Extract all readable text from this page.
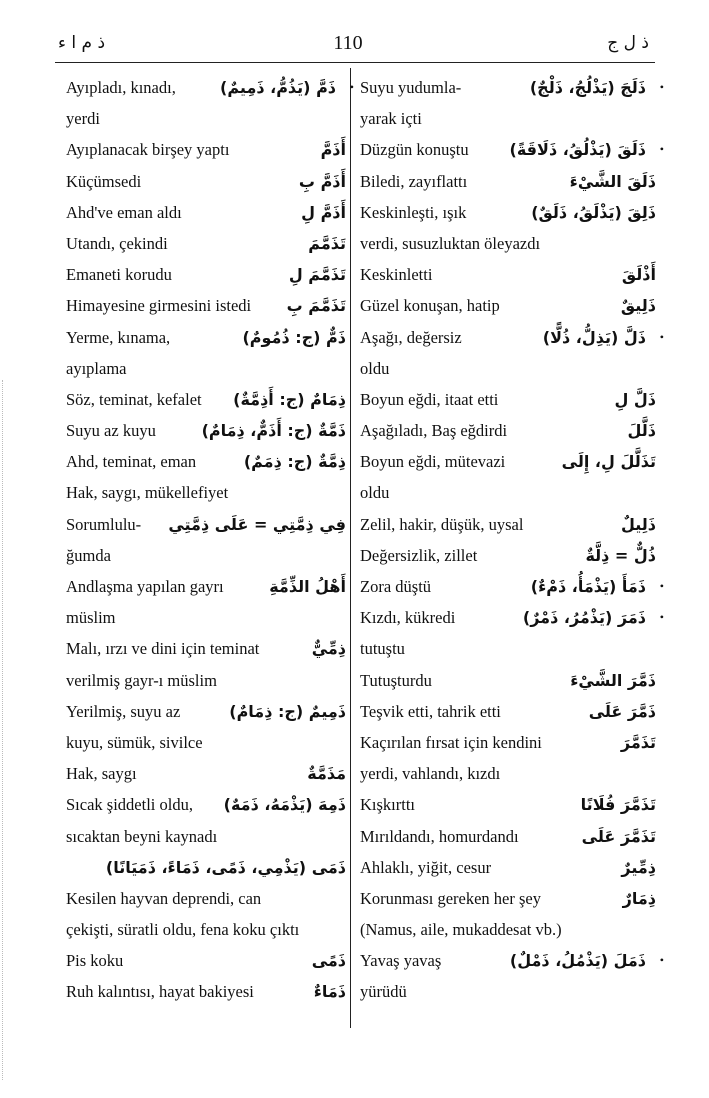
ذ م ا ء	110	ذ ل ج
Ayıpladı, kınadı,	ذَمَّ (يَذُمُّ، ذَمِيمٌ) •
yerdi
Ayıplanacak birşey yaptı	أَذَمَّ
Küçümsedi	أَذَمَّ بِ
Ahd've eman aldı	أَذَمَّ لِ
Utandı, çekindi	تَذَمَّمَ
Emaneti korudu	تَذَمَّمَ لِ
Himayesine girmesini istedi تَذَمَّمَ بِ
Yerme, kınama,	ذَمٌّ (ج: ذُمُومٌ)
ayıplama
Söz, teminat, kefalet ذِمَامٌ (ج: أَذِمَّةٌ)
Suyu az kuyu	ذَمَّةٌ (ج: أَذَمٌّ، ذِمَامٌ)
Ahd, teminat, eman	ذِمَّةٌ (ج: ذِمَمٌ)
Hak, saygı, mükellefiyet
Sorumlulu- فِي ذِمَّتِي = عَلَى ذِمَّتِي
ğumda
Andlaşma yapılan gayrı	أَهْلُ الذِّمَّةِ
müslim
Malı, ırzı ve dini için teminat	ذِمِّيٌّ
verilmiş gayr-ı müslim
Yerilmiş, suyu az	ذَمِيمٌ (ج: ذِمَامٌ)
kuyu, sümük, sivilce
Hak, saygı	مَذَمَّةٌ
Sıcak şiddetli oldu, ذَمِهَ (يَذْمَهُ، ذَمَهٌ)
sıcaktan beyni kaynadı
ذَمَى (يَذْمِي، ذَمًى، ذَمَاءً، ذَمَيَانًا)
Kesilen hayvan deprendi, can
çekişti, süratli oldu, fena koku çıktı
Pis koku	ذَمًى
Ruh kalıntısı, hayat bakiyesi	ذَمَاءٌ
Suyu yudumla-	ذَلَجَ (يَذْلُجُ، ذَلْجٌ) •
yarak içti
Düzgün konuştu	ذَلَقَ (يَذْلُقُ، ذَلَاقَةً) •
Biledi, zayıflattı	ذَلَقَ الشَّيْءَ
Keskinleşti, ışık	ذَلِقَ (يَذْلَقُ، ذَلَقٌ)
verdi, susuzluktan öleyazdı
Keskinletti	أَذْلَقَ
Güzel konuşan, hatip	ذَلِيقٌ
Aşağı, değersiz	ذَلَّ (يَذِلُّ، ذُلًّا) •
oldu
Boyun eğdi, itaat etti	ذَلَّ لِ
Aşağıladı, Baş eğdirdi	ذَلَّلَ
Boyun eğdi, mütevazi	تَذَلَّلَ لِ، إِلَى
oldu
Zelil, hakir, düşük, uysal	ذَلِيلٌ
Değersizlik, zillet	ذُلٌّ = ذِلَّةٌ
Zora düştü	ذَمَأَ (يَذْمَأُ، ذَمْءٌ) •
Kızdı, kükredi	ذَمَرَ (يَذْمُرُ، ذَمْرٌ) •
tutuştu
Tutuşturdu	ذَمَّرَ الشَّيْءَ
Teşvik etti, tahrik etti	ذَمَّرَ عَلَى
Kaçırılan fırsat için kendini	تَذَمَّرَ
yerdi, vahlandı, kızdı
Kışkırttı	تَذَمَّرَ فُلَانًا
Mırıldandı, homurdandı	تَذَمَّرَ عَلَى
Ahlaklı, yiğit, cesur	ذِمِّيرٌ
Korunması gereken her şey	ذِمَارٌ
(Namus, aile, mukaddesat vb.)
Yavaş yavaş	ذَمَلَ (يَذْمُلُ، ذَمْلٌ) •
yürüdü
